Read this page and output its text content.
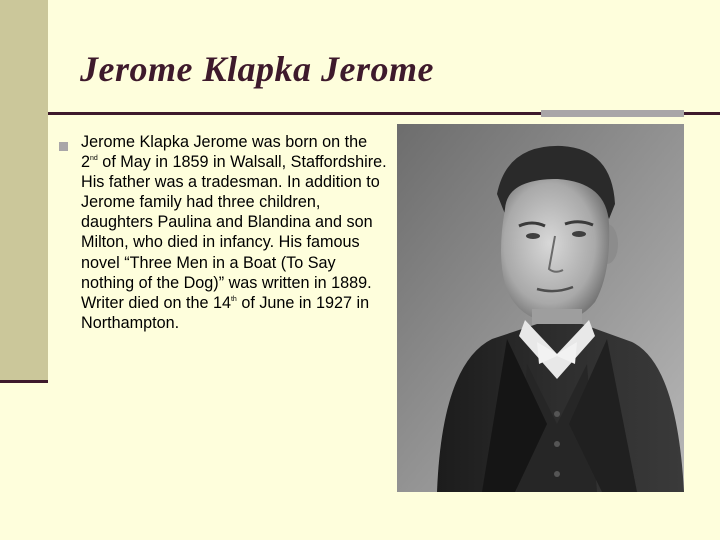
Jerome Klapka Jerome

Jerome Klapka Jerome was born on the 2nd of May in 1859 in Walsall, Staffordshire. His father was a tradesman. In addition to Jerome family had three children, daughters Paulina and Blandina and son Milton, who died in infancy. His famous novel “Three Men in a Boat (To Say nothing of the Dog)” was written in 1889. Writer died on the 14th of June in 1927 in Northampton.
